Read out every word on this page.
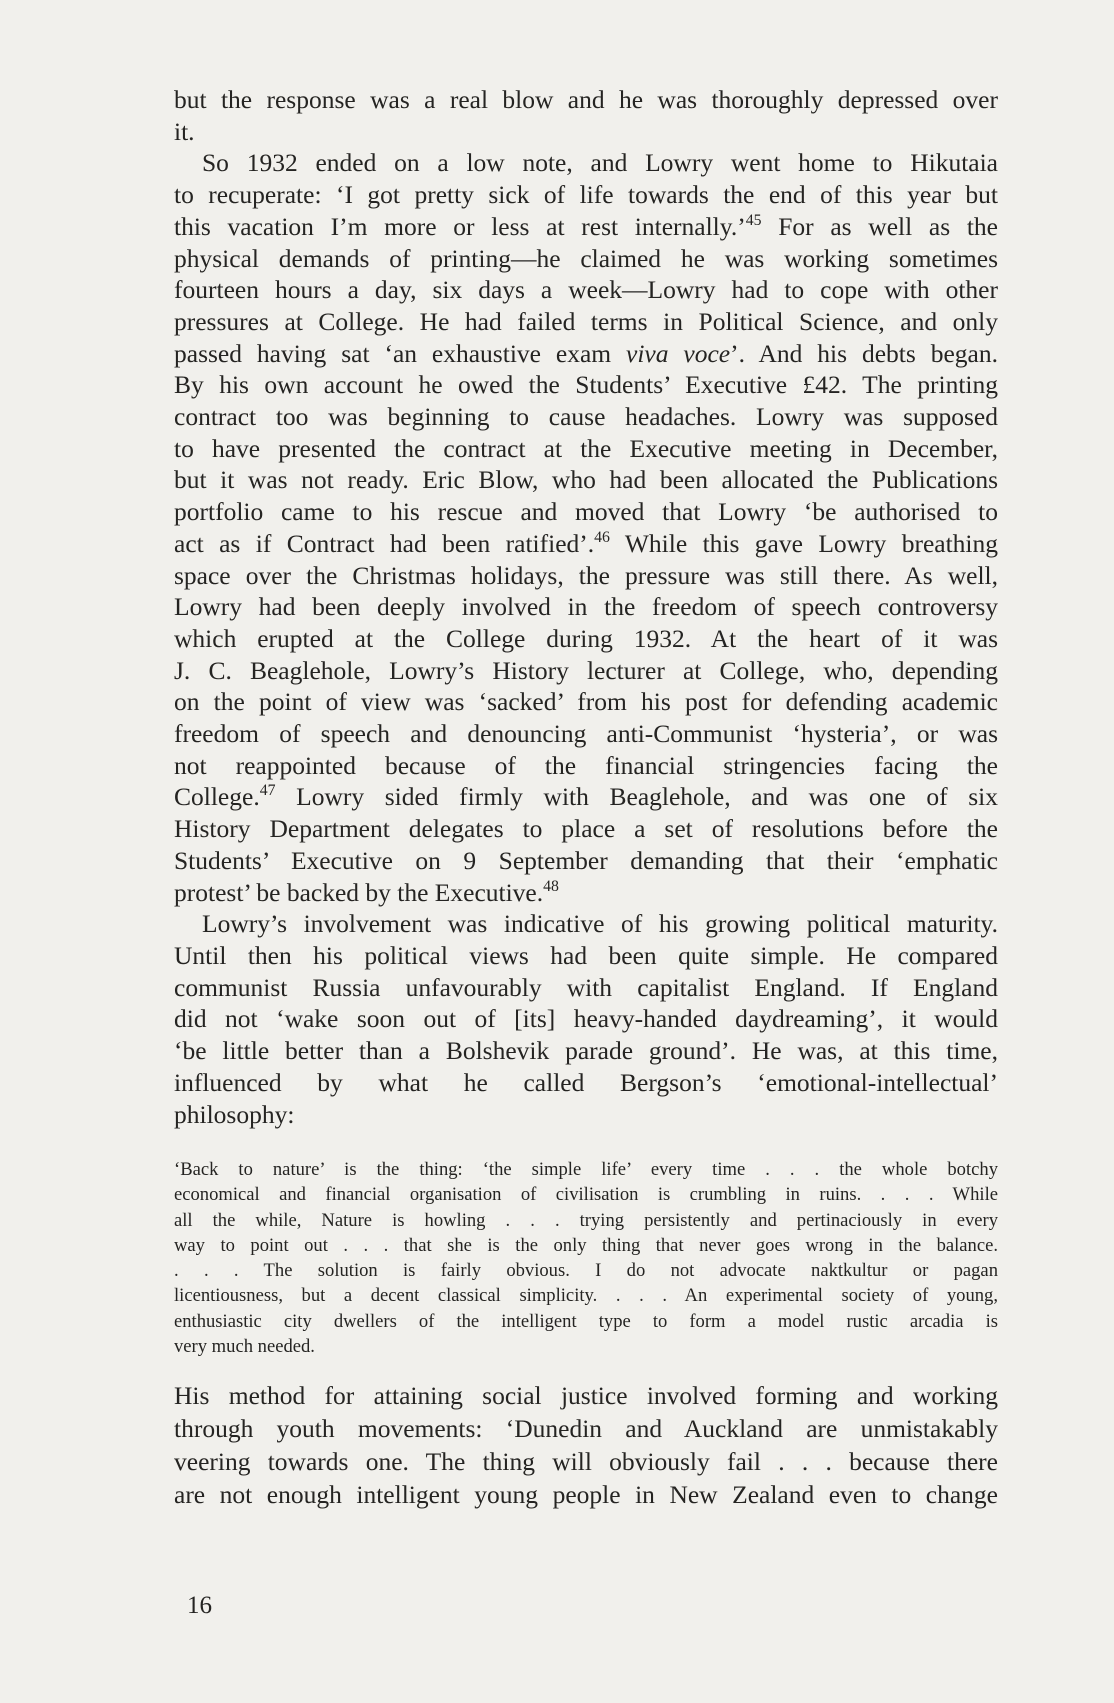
but the response was a real blow and he was thoroughly depressed over
it.
So 1932 ended on a low note, and Lowry went home to Hikutaia
to recuperate: ‘I got pretty sick of life towards the end of this year but
this vacation I’m more or less at rest internally.’$^{45}$ For as well as the
physical demands of printing—he claimed he was working sometimes
fourteen hours a day, six days a week—Lowry had to cope with other
pressures at College. He had failed terms in Political Science, and only
passed having sat ‘an exhaustive exam viva voce’. And his debts began.
By his own account he owed the Students’ Executive £42. The printing
contract too was beginning to cause headaches. Lowry was supposed
to have presented the contract at the Executive meeting in December,
but it was not ready. Eric Blow, who had been allocated the Publications
portfolio came to his rescue and moved that Lowry ‘be authorised to
act as if Contract had been ratified’.$^{46}$ While this gave Lowry breathing
space over the Christmas holidays, the pressure was still there. As well,
Lowry had been deeply involved in the freedom of speech controversy
which erupted at the College during 1932. At the heart of it was
J. C. Beaglehole, Lowry’s History lecturer at College, who, depending
on the point of view was ‘sacked’ from his post for defending academic
freedom of speech and denouncing anti-Communist ‘hysteria’, or was
not reappointed because of the financial stringencies facing the
College.$^{47}$ Lowry sided firmly with Beaglehole, and was one of six
History Department delegates to place a set of resolutions before the
Students’ Executive on 9 September demanding that their ‘emphatic
protest’ be backed by the Executive.$^{48}$
Lowry’s involvement was indicative of his growing political maturity.
Until then his political views had been quite simple. He compared
communist Russia unfavourably with capitalist England. If England
did not ‘wake soon out of [its] heavy-handed daydreaming’, it would
‘be little better than a Bolshevik parade ground’. He was, at this time,
influenced by what he called Bergson’s ‘emotional-intellectual’
philosophy:
‘Back to nature’ is the thing: ‘the simple life’ every time . . . the whole botchy
economical and financial organisation of civilisation is crumbling in ruins. . . . While
all the while, Nature is howling . . . trying persistently and pertinaciously in every
way to point out . . . that she is the only thing that never goes wrong in the balance.
. . . The solution is fairly obvious. I do not advocate naktkultur or pagan
licentiousness, but a decent classical simplicity. . . . An experimental society of young,
enthusiastic city dwellers of the intelligent type to form a model rustic arcadia is
very much needed.
His method for attaining social justice involved forming and working
through youth movements: ‘Dunedin and Auckland are unmistakably
veering towards one. The thing will obviously fail . . . because there
are not enough intelligent young people in New Zealand even to change
16
